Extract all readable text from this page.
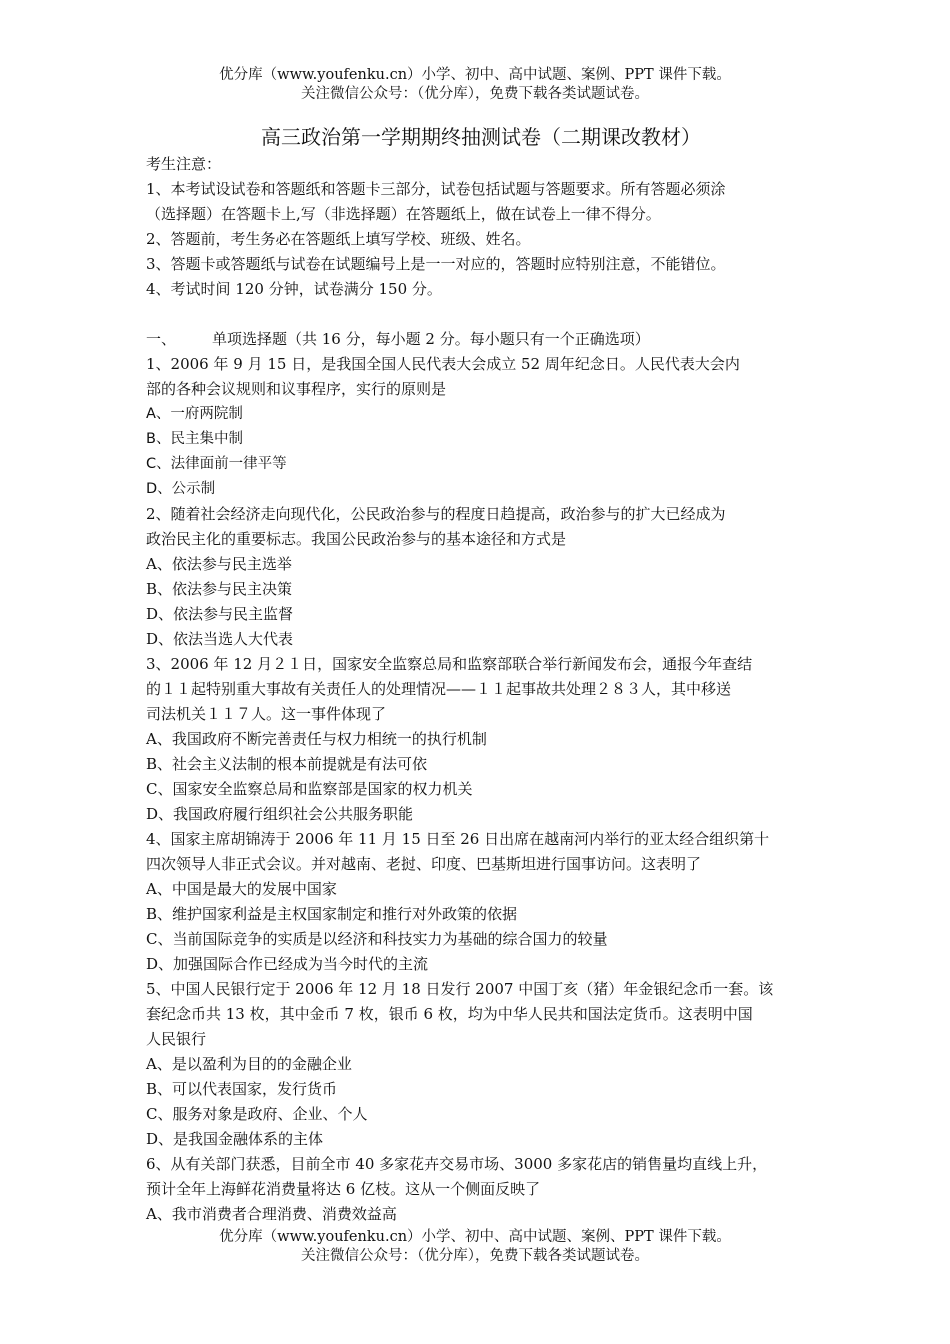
优分库（www.youfenku.cn）小学、初中、高中试题、案例、PPT 课件下载。
关注微信公众号：（优分库），免费下载各类试题试卷。
高三政治第一学期期终抽测试卷（二期课改教材）
考生注意：
1、本考试设试卷和答题纸和答题卡三部分，试卷包括试题与答题要求。所有答题必须涂
（选择题）在答题卡上,写（非选择题）在答题纸上，做在试卷上一律不得分。
2、答题前，考生务必在答题纸上填写学校、班级、姓名。
3、答题卡或答题纸与试卷在试题编号上是一一对应的，答题时应特别注意，不能错位。
4、考试时间 120 分钟，试卷满分 150 分。
一、 单项选择题（共 16 分，每小题 2 分。每小题只有一个正确选项）
1、2006 年 9 月 15 日，是我国全国人民代表大会成立 52 周年纪念日。人民代表大会内
部的各种会议规则和议事程序，实行的原则是
A、一府两院制
B、民主集中制
C、法律面前一律平等
D、公示制
2、随着社会经济走向现代化，公民政治参与的程度日趋提高，政治参与的扩大已经成为
政治民主化的重要标志。我国公民政治参与的基本途径和方式是
A、依法参与民主选举
B、依法参与民主决策
D、依法参与民主监督
D、依法当选人大代表
3、2006 年 12 月２１日，国家安全监察总局和监察部联合举行新闻发布会，通报今年查结
的１１起特别重大事故有关责任人的处理情况——１１起事故共处理２８３人，其中移送
司法机关１１７人。这一事件体现了
A、我国政府不断完善责任与权力相统一的执行机制
B、社会主义法制的根本前提就是有法可依
C、国家安全监察总局和监察部是国家的权力机关
D、我国政府履行组织社会公共服务职能
4、国家主席胡锦涛于 2006 年 11 月 15 日至 26 日出席在越南河内举行的亚太经合组织第十
四次领导人非正式会议。并对越南、老挝、印度、巴基斯坦进行国事访问。这表明了
A、中国是最大的发展中国家
B、维护国家利益是主权国家制定和推行对外政策的依据
C、当前国际竞争的实质是以经济和科技实力为基础的综合国力的较量
D、加强国际合作已经成为当今时代的主流
5、中国人民银行定于 2006 年 12 月 18 日发行 2007 中国丁亥（猪）年金银纪念币一套。该
套纪念币共 13 枚，其中金币 7 枚，银币 6 枚，均为中华人民共和国法定货币。这表明中国
人民银行
A、是以盈利为目的的金融企业
B、可以代表国家，发行货币
C、服务对象是政府、企业、个人
D、是我国金融体系的主体
6、从有关部门获悉，目前全市 40 多家花卉交易市场、3000 多家花店的销售量均直线上升，
预计全年上海鲜花消费量将达 6 亿枝。这从一个侧面反映了
A、我市消费者合理消费、消费效益高
优分库（www.youfenku.cn）小学、初中、高中试题、案例、PPT 课件下载。
关注微信公众号：（优分库），免费下载各类试题试卷。
